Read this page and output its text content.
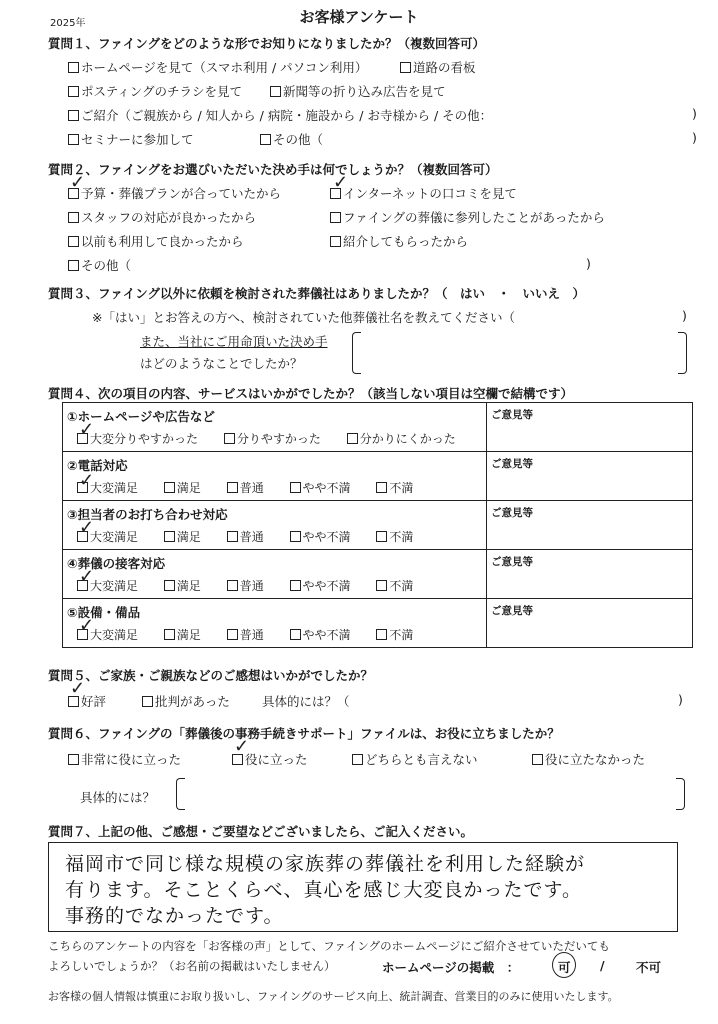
2025年	お客様アンケート
質問１、ファイングをどのような形でお知りになりましたか？（複数回答可）
ホームページを見て（スマホ利用 / パソコン利用）	道路の看板
ポスティングのチラシを見て	新聞等の折り込み広告を見て
ご紹介（ご親族から / 知人から / 病院・施設から / お寺様から / その他：	)
セミナーに参加して	その他（	)
質問２、ファイングをお選びいただいた決め手は何でしょうか？（複数回答可）
予算・葬儀プランが合っていたから
✓
インターネットの口コミを見て
✓
スタッフの対応が良かったから	ファイングの葬儀に参列したことがあったから
以前も利用して良かったから	紹介してもらったから
その他（	)
質問３、ファイング以外に依頼を検討された葬儀社はありましたか？（　はい　・　いいえ　）
※「はい」とお答えの方へ、検討されていた他葬儀社名を教えてください（	)
また、当社にご用命頂いた決め手
はどのようなことでしたか？
質問４、次の項目の内容、サービスはいかがでしたか？（該当しない項目は空欄で結構です）
①ホームページや広告など
大変分りやすかった 分りやすかった 分かりにくかった
✓	ご意見等

②電話対応
大変満足 満足 普通 やや不満 不満
✓	ご意見等

③担当者のお打ち合わせ対応
大変満足 満足 普通 やや不満 不満
✓	ご意見等

④葬儀の接客対応
大変満足 満足 普通 やや不満 不満
✓	ご意見等

⑤設備・備品
大変満足 満足 普通 やや不満 不満
✓	ご意見等
質問５、ご家族・ご親族などのご感想はいかがでしたか？
好評
✓
批判があった	具体的には？（	)
質問６、ファイングの「葬儀後の事務手続きサポート」ファイルは、お役に立ちましたか？
非常に役に立った	役に立った
✓
どちらとも言えない	役に立たなかった
具体的には？
質問７、上記の他、ご感想・ご要望などございましたら、ご記入ください。
福岡市で同じ様な規模の家族葬の葬儀社を利用した経験が
有ります。そことくらべ、真心を感じ大変良かったです。
事務的でなかったです。
こちらのアンケートの内容を「お客様の声」として、ファイングのホームページにご紹介させていただいても
よろしいでしょうか？（お名前の掲載はいたしません）	ホームページの掲載　：	可 /	不可
お客様の個人情報は慎重にお取り扱いし、ファイングのサービス向上、統計調査、営業目的のみに使用いたします。
